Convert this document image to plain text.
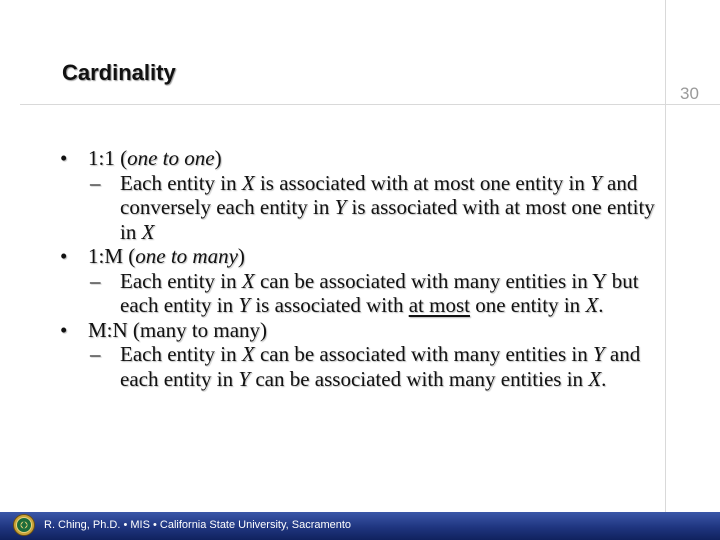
Cardinality
30
• 1:1 (one to one)
– Each entity in X is associated with at most one entity in Y and conversely each entity in Y is associated with at most one entity in X
• 1:M (one to many)
– Each entity in X can be associated with many entities in Y but each entity in Y is associated with at most one entity in X.
• M:N (many to many)
– Each entity in X can be associated with many entities in Y and each entity in Y can be associated with many entities in X.
R. Ching, Ph.D. • MIS • California State University, Sacramento
